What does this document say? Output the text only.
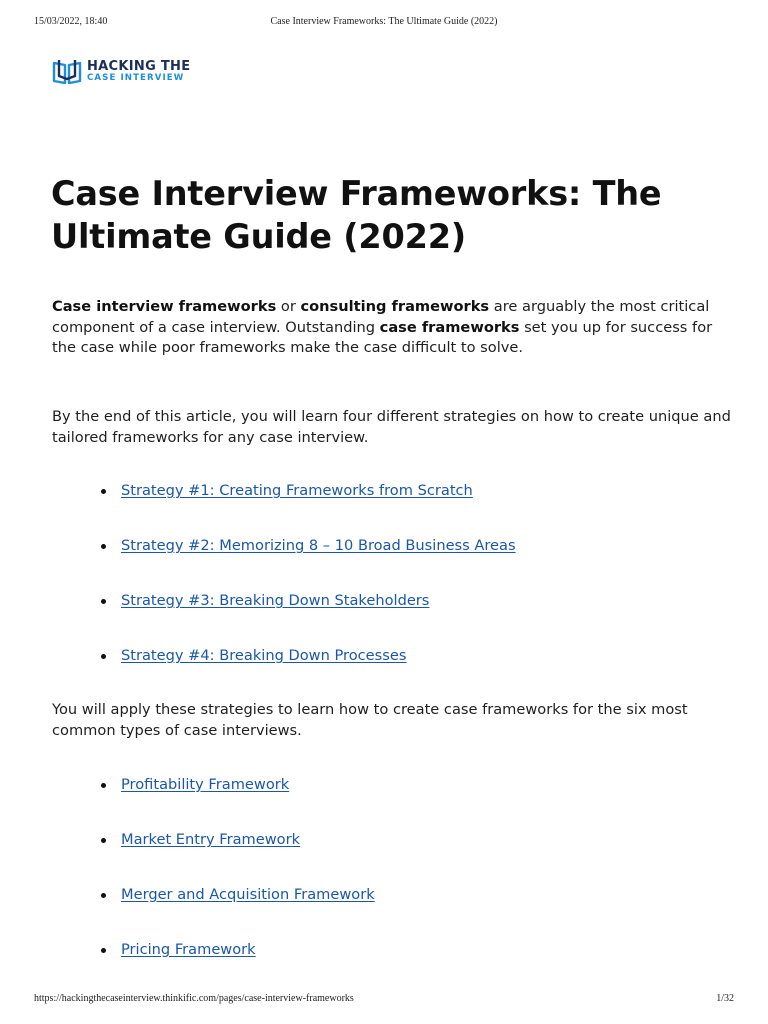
15/03/2022, 18:40	Case Interview Frameworks: The Ultimate Guide (2022)
HACKING THE
CASE INTERVIEW
Case Interview Frameworks: The
Ultimate Guide (2022)

Case interview frameworks or consulting frameworks are arguably the most critical component of a case interview. Outstanding case frameworks set you up for success for the case while poor frameworks make the case difficult to solve.

By the end of this article, you will learn four different strategies on how to create unique and tailored frameworks for any case interview.

Strategy #1: Creating Frameworks from Scratch
Strategy #2: Memorizing 8 – 10 Broad Business Areas
Strategy #3: Breaking Down Stakeholders
Strategy #4: Breaking Down Processes

You will apply these strategies to learn how to create case frameworks for the six most common types of case interviews.

Profitability Framework
Market Entry Framework
Merger and Acquisition Framework
Pricing Framework
https://hackingthecaseinterview.thinkific.com/pages/case-interview-frameworks	1/32
